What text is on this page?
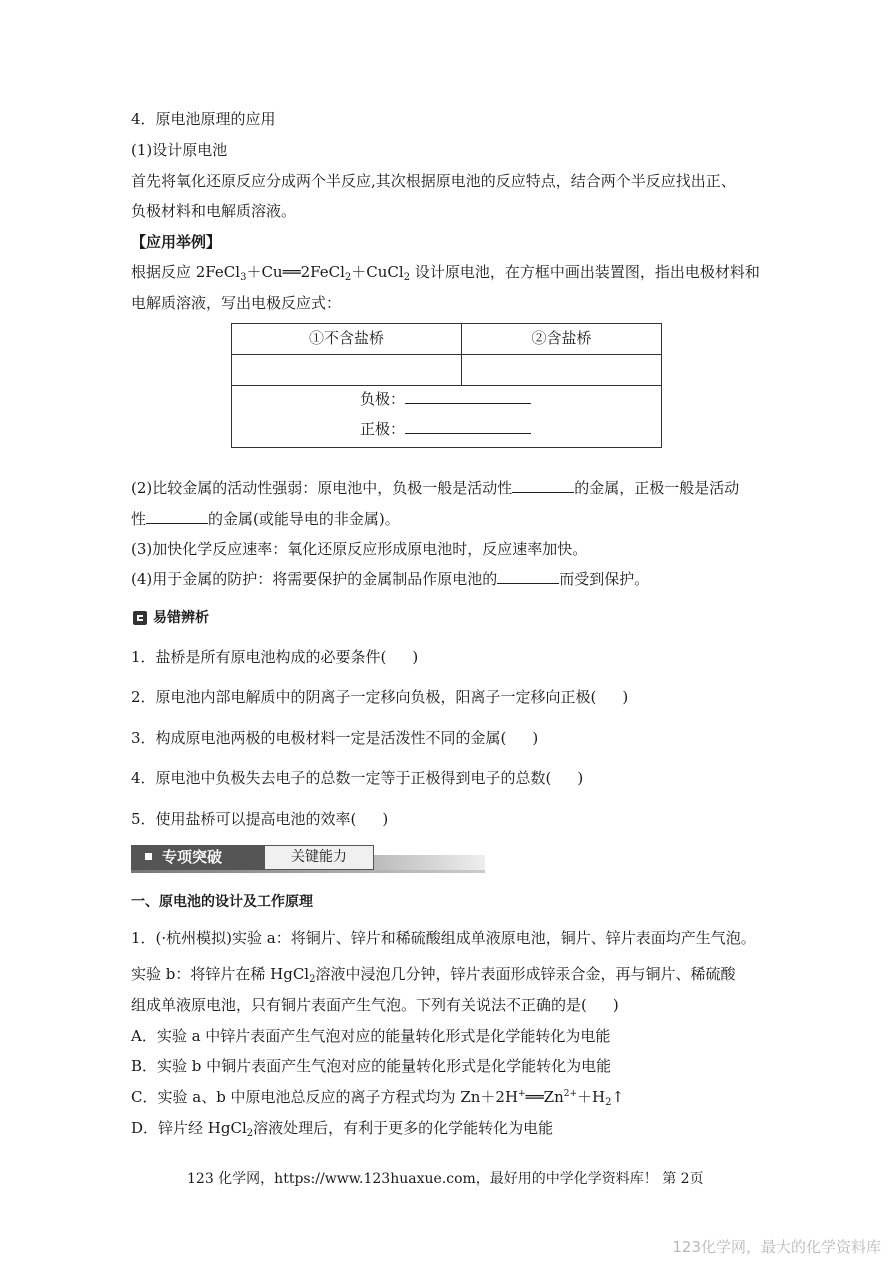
4．原电池原理的应用
(1)设计原电池
首先将氧化还原反应分成两个半反应,其次根据原电池的反应特点，结合两个半反应找出正、
负极材料和电解质溶液。
【应用举例】
根据反应 2FeCl$_3$＋Cu══2FeCl$_2$＋CuCl$_2$ 设计原电池，在方框中画出装置图，指出电极材料和
电解质溶液，写出电极反应式：
①不含盐桥	②含盐桥
负极：
正极：
(2)比较金属的活动性强弱：原电池中，负极一般是活动性	的金属，正极一般是活动
性	的金属(或能导电的非金属)。
(3)加快化学反应速率：氧化还原反应形成原电池时，反应速率加快。
(4)用于金属的防护：将需要保护的金属制品作原电池的	而受到保护。
易错辨析
1．盐桥是所有原电池构成的必要条件( )
2．原电池内部电解质中的阴离子一定移向负极，阳离子一定移向正极( )
3．构成原电池两极的电极材料一定是活泼性不同的金属( )
4．原电池中负极失去电子的总数一定等于正极得到电子的总数( )
5．使用盐桥可以提高电池的效率( )
专项突破	关键能力
一、原电池的设计及工作原理
1．(·杭州模拟)实验 a：将铜片、锌片和稀硫酸组成单液原电池，铜片、锌片表面均产生气泡。
实验 b：将锌片在稀 HgCl$_2$溶液中浸泡几分钟，锌片表面形成锌汞合金，再与铜片、稀硫酸
组成单液原电池，只有铜片表面产生气泡。下列有关说法不正确的是( )
A．实验 a 中锌片表面产生气泡对应的能量转化形式是化学能转化为电能
B．实验 b 中铜片表面产生气泡对应的能量转化形式是化学能转化为电能
C．实验 a、b 中原电池总反应的离子方程式均为 $Zn+2H^+══Zn^{2+}+H_2↑$
D．锌片经 HgCl$_2$溶液处理后，有利于更多的化学能转化为电能
123 化学网，https://www.123huaxue.com，最好用的中学化学资料库！ 第 2页
123化学网，最大的化学资料库
